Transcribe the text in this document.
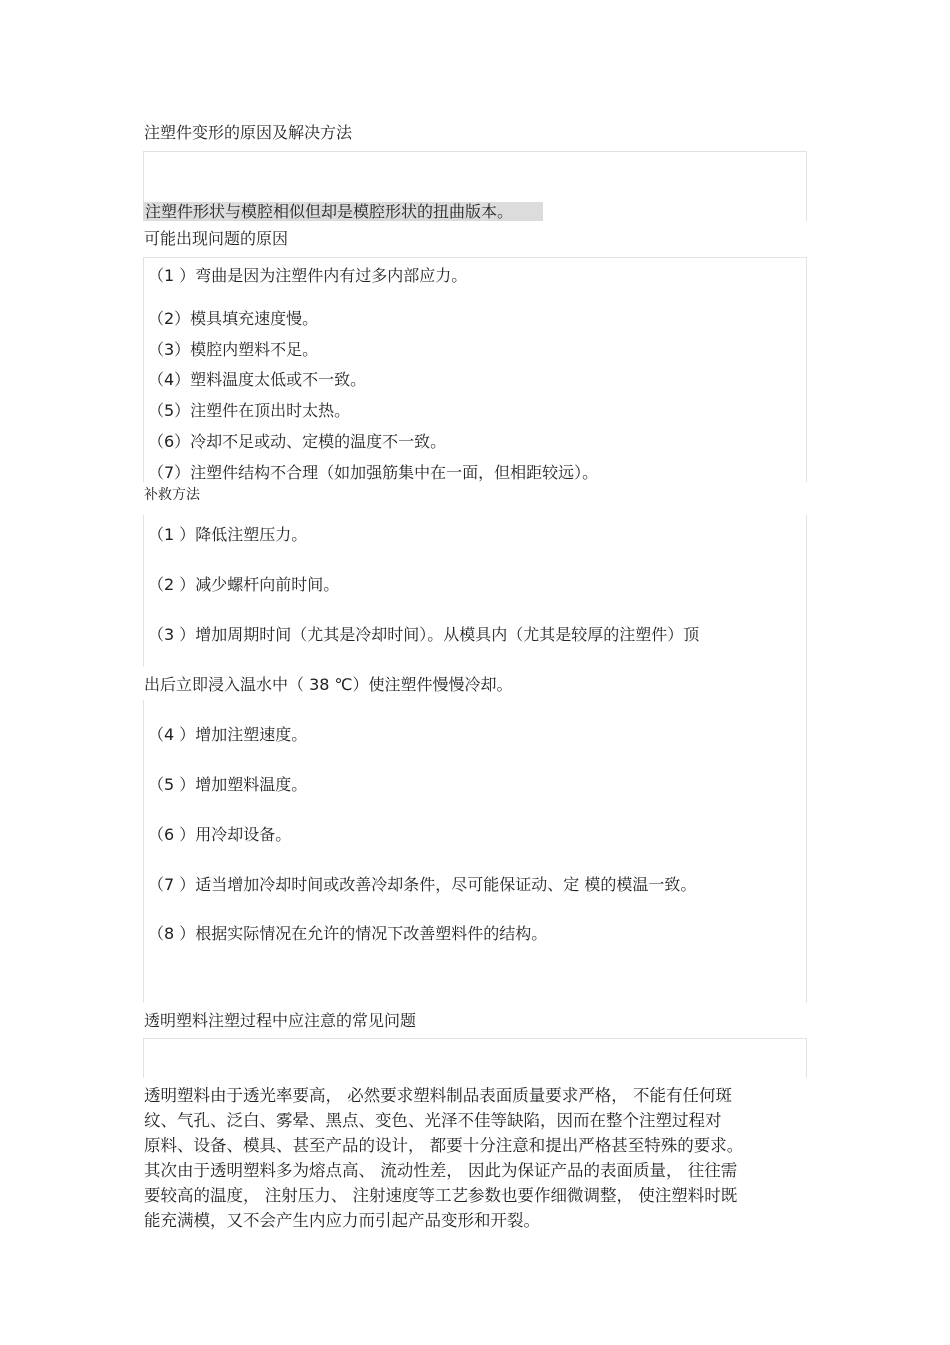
注塑件变形的原因及解决方法
注塑件形状与模腔相似但却是模腔形状的扭曲版本。
可能出现问题的原因
（1 ）弯曲是因为注塑件内有过多内部应力。
（2）模具填充速度慢。
（3）模腔内塑料不足。
（4）塑料温度太低或不一致。
（5）注塑件在顶出时太热。
（6）冷却不足或动、定模的温度不一致。
（7）注塑件结构不合理（如加强筋集中在一面，但相距较远）。
补救方法
（1 ）降低注塑压力。
（2 ）减少螺杆向前时间。
（3 ）增加周期时间（尤其是冷却时间）。从模具内（尤其是较厚的注塑件）顶
出后立即浸入温水中（ 38 ℃）使注塑件慢慢冷却。
（4 ）增加注塑速度。
（5 ）增加塑料温度。
（6 ）用冷却设备。
（7 ）适当增加冷却时间或改善冷却条件，尽可能保证动、定 模的模温一致。
（8 ）根据实际情况在允许的情况下改善塑料件的结构。
透明塑料注塑过程中应注意的常见问题
透明塑料由于透光率要高， 必然要求塑料制品表面质量要求严格， 不能有任何斑
纹、气孔、泛白、雾晕、黑点、变色、光泽不佳等缺陷，因而在整个注塑过程对
原料、设备、模具、甚至产品的设计， 都要十分注意和提出严格甚至特殊的要求。
其次由于透明塑料多为熔点高、 流动性差， 因此为保证产品的表面质量， 往往需
要较高的温度， 注射压力、 注射速度等工艺参数也要作细微调整， 使注塑料时既
能充满模，又不会产生内应力而引起产品变形和开裂。
